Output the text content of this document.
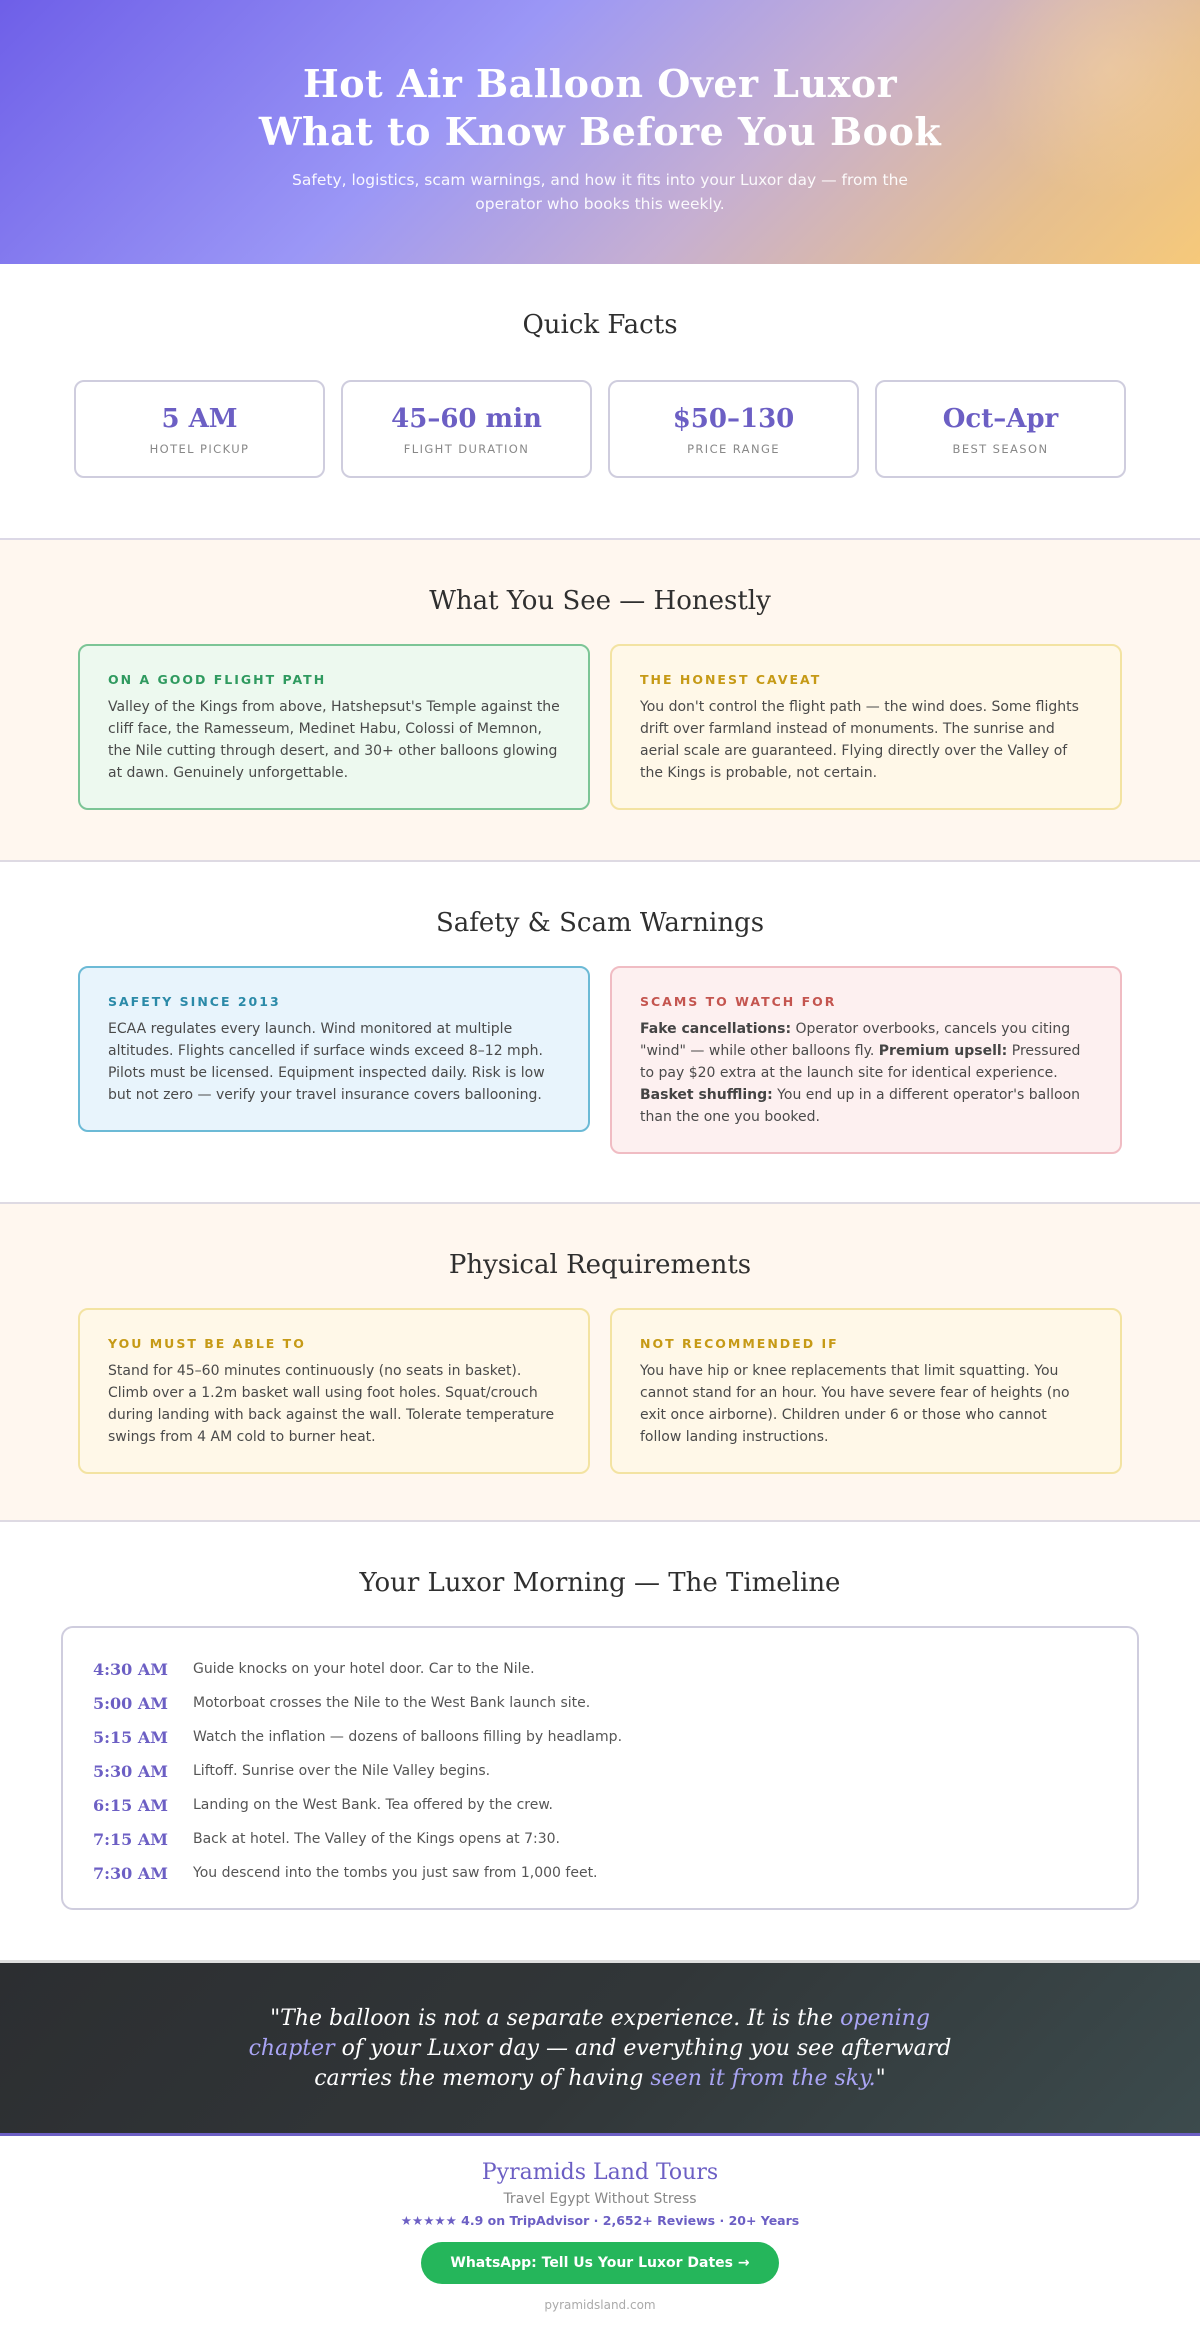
Hot Air Balloon Over Luxor
What to Know Before You Book

Safety, logistics, scam warnings, and how it fits into your Luxor day — from the operator who books this weekly.

Quick Facts
5 AM
HOTEL PICKUP
45–60 min
FLIGHT DURATION
$50–130
PRICE RANGE
Oct–Apr
BEST SEASON
What You See — Honestly
ON A GOOD FLIGHT PATH
Valley of the Kings from above, Hatshepsut's Temple against the cliff face, the Ramesseum, Medinet Habu, Colossi of Memnon, the Nile cutting through desert, and 30+ other balloons glowing at dawn. Genuinely unforgettable.
THE HONEST CAVEAT
You don't control the flight path — the wind does. Some flights drift over farmland instead of monuments. The sunrise and aerial scale are guaranteed. Flying directly over the Valley of the Kings is probable, not certain.
Safety & Scam Warnings
SAFETY SINCE 2013
ECAA regulates every launch. Wind monitored at multiple altitudes. Flights cancelled if surface winds exceed 8–12 mph. Pilots must be licensed. Equipment inspected daily. Risk is low but not zero — verify your travel insurance covers ballooning.
SCAMS TO WATCH FOR
Fake cancellations: Operator overbooks, cancels you citing "wind" — while other balloons fly. Premium upsell: Pressured to pay $20 extra at the launch site for identical experience. Basket shuffling: You end up in a different operator's balloon than the one you booked.
Physical Requirements
YOU MUST BE ABLE TO
Stand for 45–60 minutes continuously (no seats in basket). Climb over a 1.2m basket wall using foot holes. Squat/crouch during landing with back against the wall. Tolerate temperature swings from 4 AM cold to burner heat.
NOT RECOMMENDED IF
You have hip or knee replacements that limit squatting. You cannot stand for an hour. You have severe fear of heights (no exit once airborne). Children under 6 or those who cannot follow landing instructions.
Your Luxor Morning — The Timeline
4:30 AM	Guide knocks on your hotel door. Car to the Nile.
5:00 AM	Motorboat crosses the Nile to the West Bank launch site.
5:15 AM	Watch the inflation — dozens of balloons filling by headlamp.
5:30 AM	Liftoff. Sunrise over the Nile Valley begins.
6:15 AM	Landing on the West Bank. Tea offered by the crew.
7:15 AM	Back at hotel. The Valley of the Kings opens at 7:30.
7:30 AM	You descend into the tombs you just saw from 1,000 feet.

"The balloon is not a separate experience. It is the opening chapter of your Luxor day — and everything you see afterward carries the memory of having seen it from the sky."

Pyramids Land Tours
Travel Egypt Without Stress
★★★★★ 4.9 on TripAdvisor · 2,652+ Reviews · 20+ Years
WhatsApp: Tell Us Your Luxor Dates →
pyramidsland.com
